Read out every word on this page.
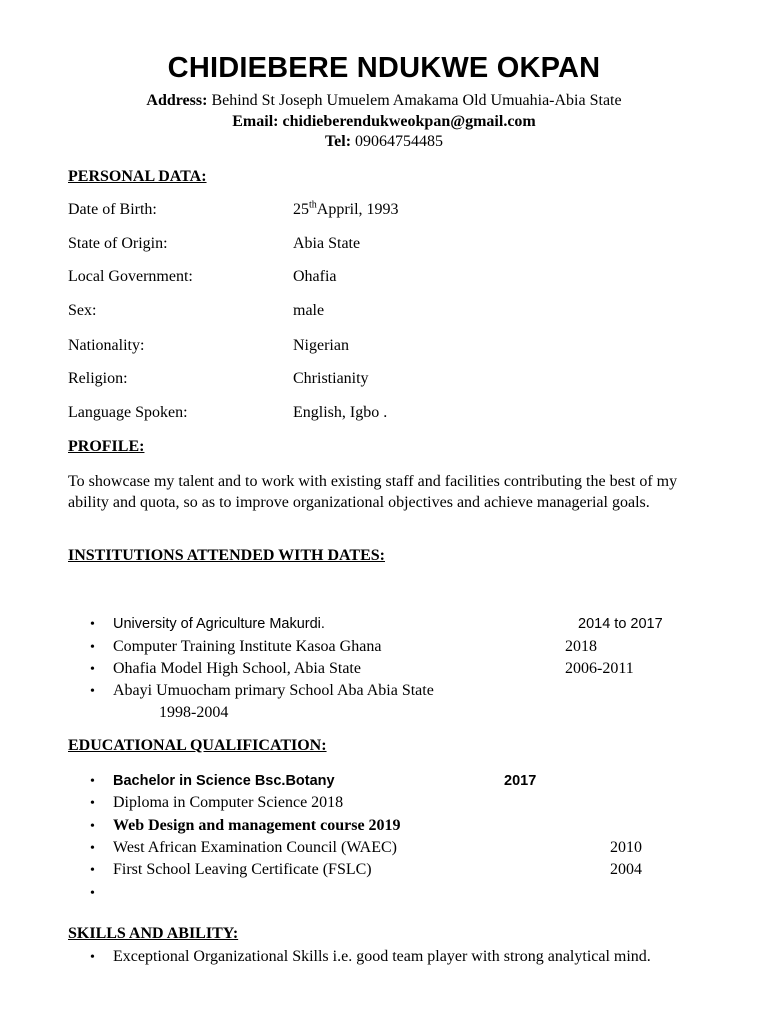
CHIDIEBERE NDUKWE OKPAN
Address: Behind St Joseph Umuelem Amakama Old Umuahia-Abia State
Email: chidieberendukweokpan@gmail.com
Tel: 09064754485
PERSONAL DATA:
Date of Birth:	25thAppril, 1993
State of Origin:	Abia State
Local Government:	Ohafia
Sex:	male
Nationality:	Nigerian
Religion:	Christianity
Language Spoken:	English, Igbo .
PROFILE:
To showcase my talent and to work with existing staff and facilities contributing the best of my ability and quota, so as to improve organizational objectives and achieve managerial goals.
INSTITUTIONS ATTENDED WITH DATES:
• University of Agriculture Makurdi.	2014 to 2017
• Computer Training Institute Kasoa Ghana	2018
• Ohafia Model High School, Abia State	2006-2011
• Abayi Umuocham primary School Aba Abia State
1998-2004
EDUCATIONAL QUALIFICATION:
• Bachelor in Science Bsc.Botany	2017
• Diploma in Computer Science 2018
• Web Design and management course 2019
• West African Examination Council (WAEC)	2010
• First School Leaving Certificate (FSLC)	2004
•
SKILLS AND ABILITY:
• Exceptional Organizational Skills i.e. good team player with strong analytical mind.
